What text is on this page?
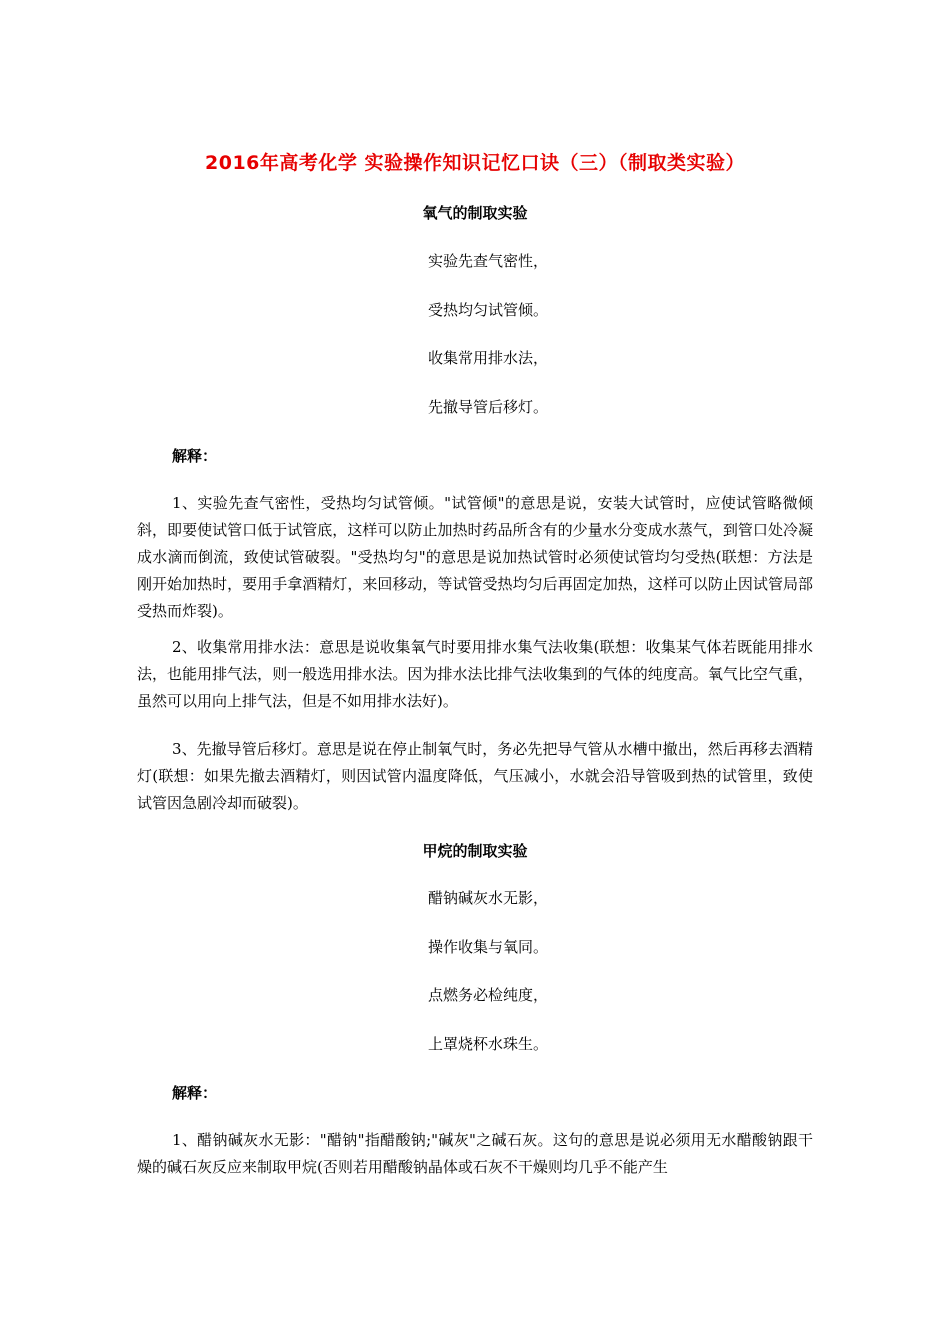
2016年高考化学 实验操作知识记忆口诀（三）（制取类实验）
氧气的制取实验
实验先查气密性，
受热均匀试管倾。
收集常用排水法，
先撤导管后移灯。
解释：
1、实验先查气密性，受热均匀试管倾。"试管倾"的意思是说，安装大试管时，应使试管略微倾斜，即要使试管口低于试管底，这样可以防止加热时药品所含有的少量水分变成水蒸气，到管口处冷凝成水滴而倒流，致使试管破裂。"受热均匀"的意思是说加热试管时必须使试管均匀受热(联想：方法是刚开始加热时，要用手拿酒精灯，来回移动，等试管受热均匀后再固定加热，这样可以防止因试管局部受热而炸裂)。
2、收集常用排水法：意思是说收集氧气时要用排水集气法收集(联想：收集某气体若既能用排水法，也能用排气法，则一般选用排水法。因为排水法比排气法收集到的气体的纯度高。氧气比空气重，虽然可以用向上排气法，但是不如用排水法好)。
3、先撤导管后移灯。意思是说在停止制氧气时，务必先把导气管从水槽中撤出，然后再移去酒精灯(联想：如果先撤去酒精灯，则因试管内温度降低，气压减小，水就会沿导管吸到热的试管里，致使试管因急剧冷却而破裂)。
甲烷的制取实验
醋钠碱灰水无影，
操作收集与氧同。
点燃务必检纯度，
上罩烧杯水珠生。
解释：
1、醋钠碱灰水无影："醋钠"指醋酸钠;"碱灰"之碱石灰。这句的意思是说必须用无水醋酸钠跟干燥的碱石灰反应来制取甲烷(否则若用醋酸钠晶体或石灰不干燥则均几乎不能产生
